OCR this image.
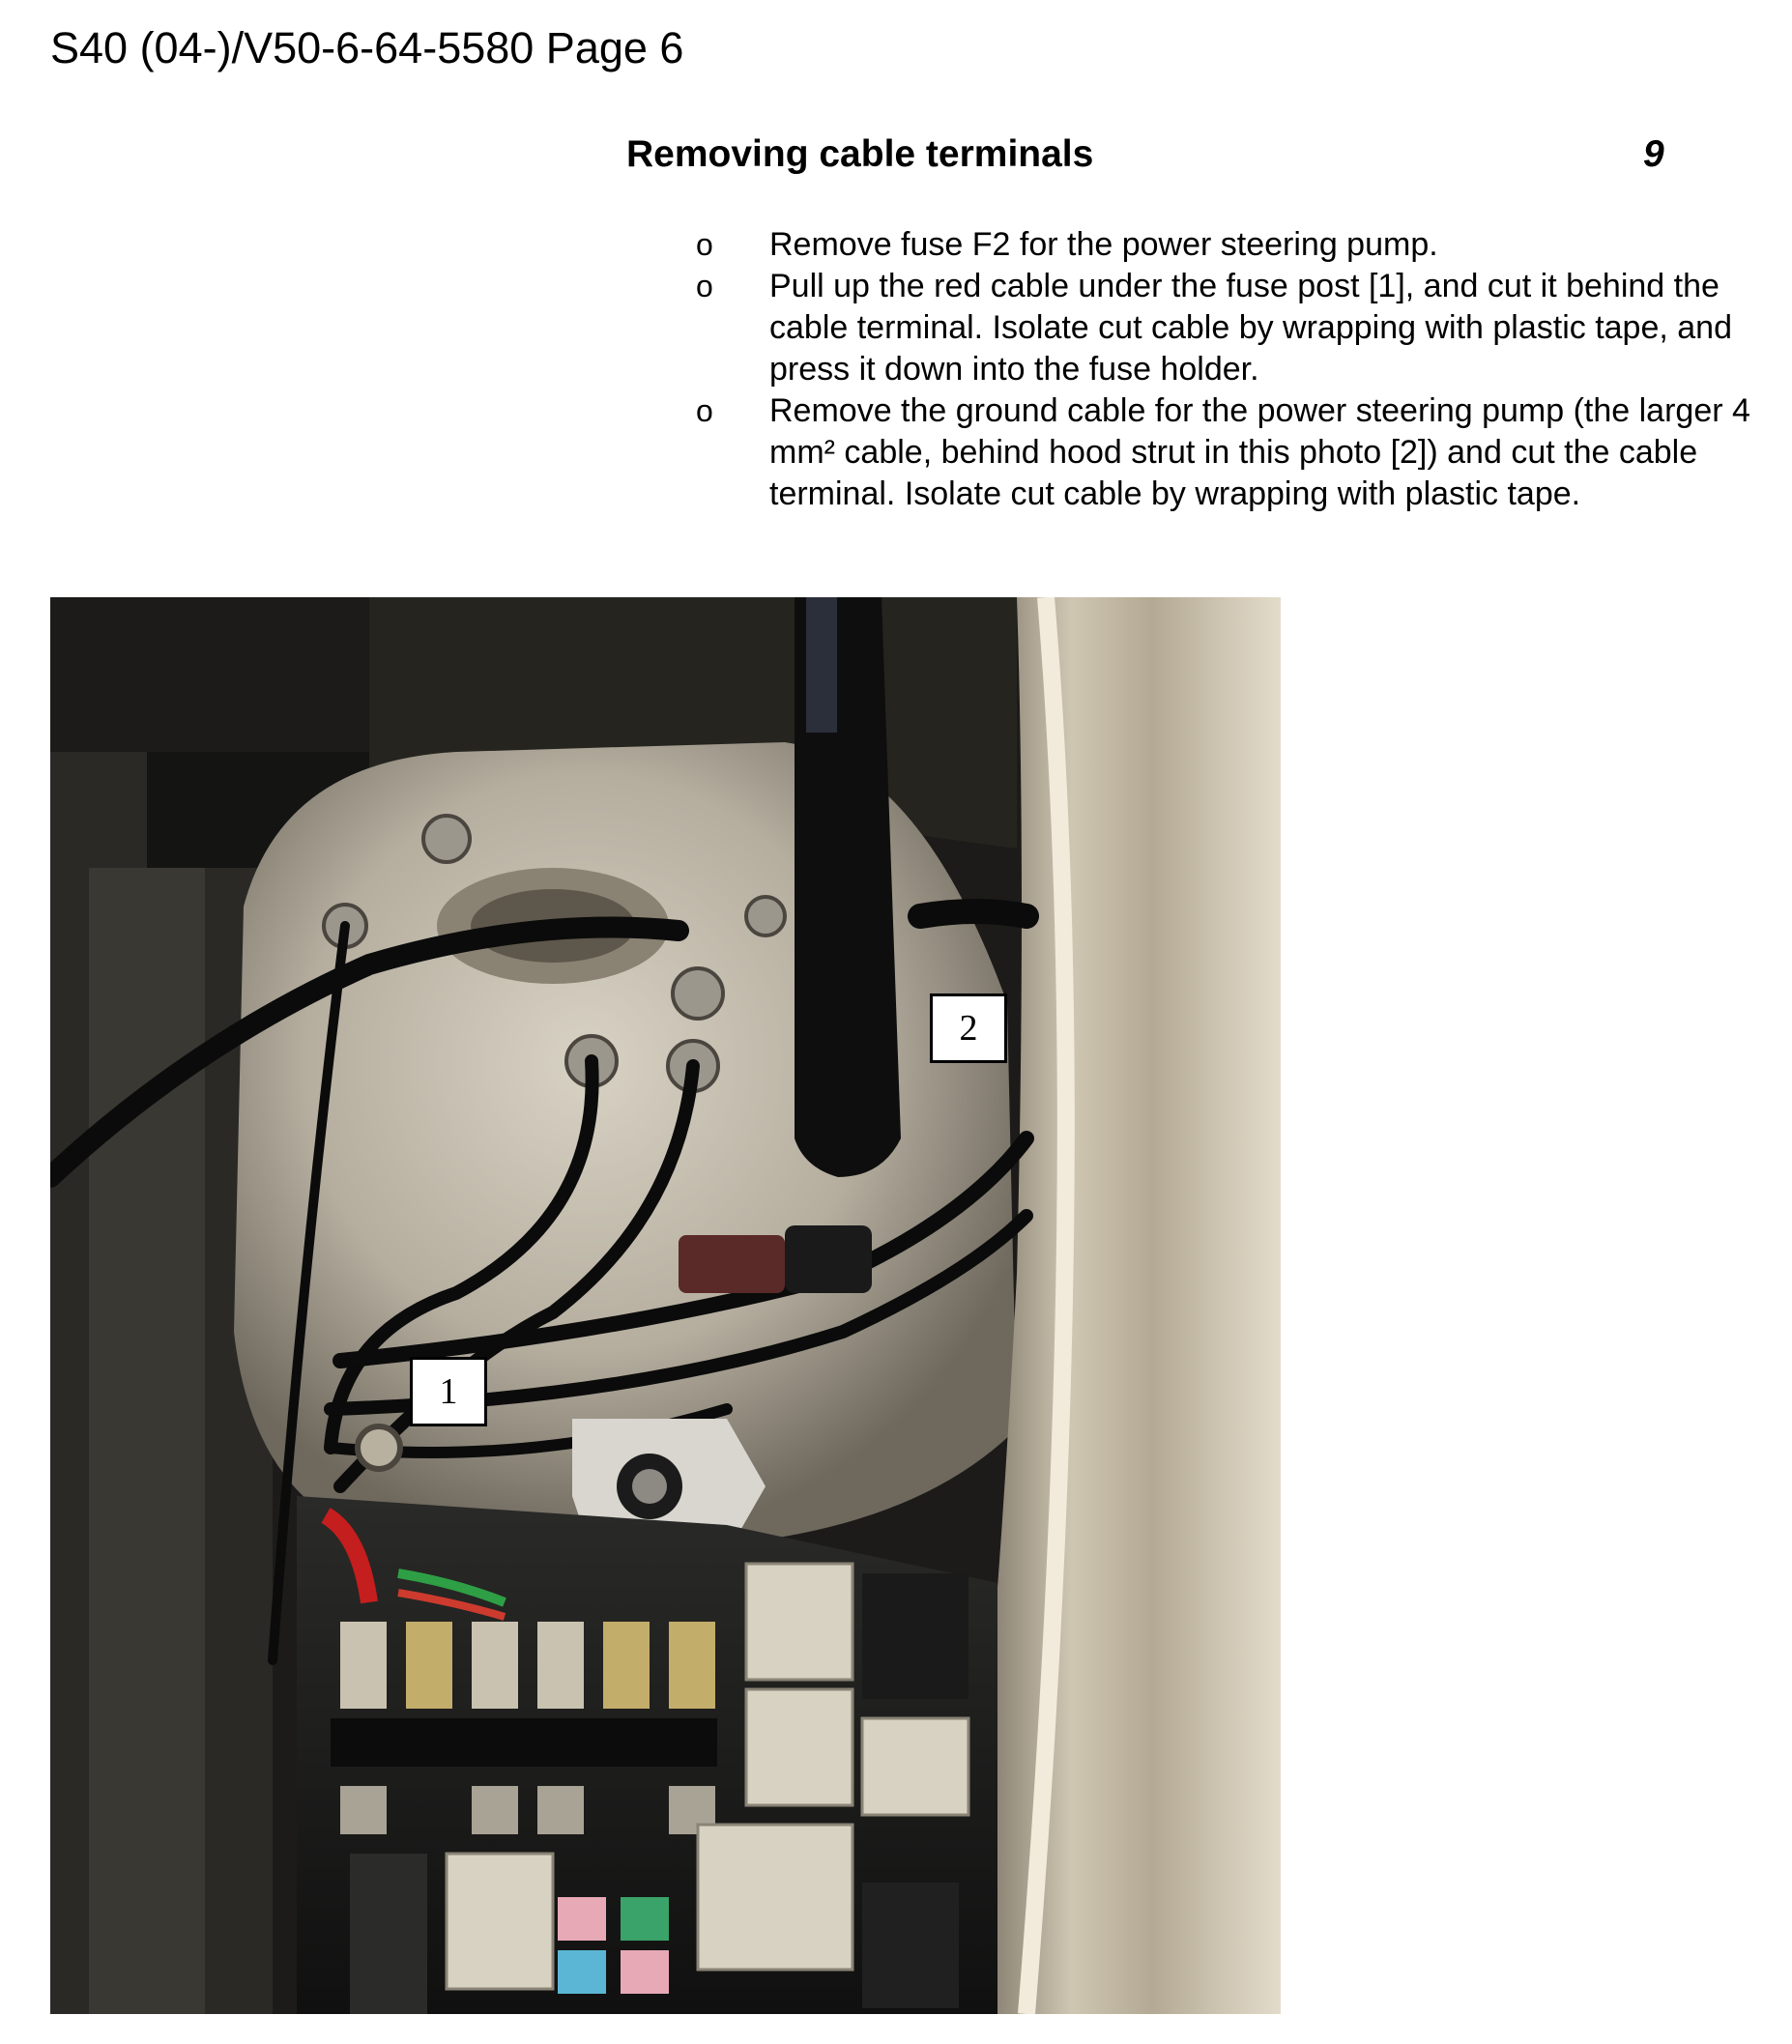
S40 (04-)/V50-6-64-5580 Page 6
Removing cable terminals	9
o Remove fuse F2 for the power steering pump.
o Pull up the red cable under the fuse post [1], and cut it behind the cable terminal. Isolate cut cable by wrapping with plastic tape, and press it down into the fuse holder.
o Remove the ground cable for the power steering pump (the larger 4 mm² cable, behind hood strut in this photo [2]) and cut the cable terminal. Isolate cut cable by wrapping with plastic tape.
1
2
